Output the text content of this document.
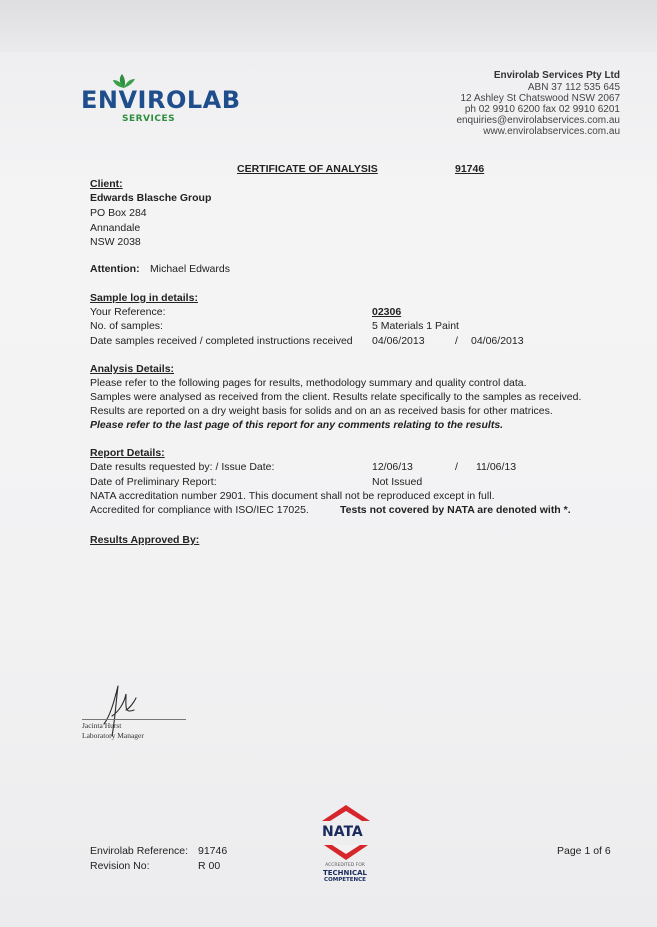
ENVIROLAB
SERVICES
Envirolab Services Pty Ltd
ABN 37 112 535 645
12 Ashley St Chatswood NSW 2067
ph 02 9910 6200 fax 02 9910 6201
enquiries@envirolabservices.com.au
www.envirolabservices.com.au
CERTIFICATE OF ANALYSIS	91746
Client:
Edwards Blasche Group
PO Box 284
Annandale
NSW 2038
Attention: Michael Edwards
Sample log in details:
Your Reference:	02306
No. of samples:	5 Materials 1 Paint
Date samples received / completed instructions received 04/06/2013	/ 04/06/2013
Analysis Details:
Please refer to the following pages for results, methodology summary and quality control data.
Samples were analysed as received from the client. Results relate specifically to the samples as received.
Results are reported on a dry weight basis for solids and on an as received basis for other matrices.
Please refer to the last page of this report for any comments relating to the results.
Report Details:
Date results requested by: / Issue Date:	12/06/13	/ 11/06/13
Date of Preliminary Report:	Not Issued
NATA accreditation number 2901. This document shall not be reproduced except in full.
Accredited for compliance with ISO/IEC 17025.	Tests not covered by NATA are denoted with *.
Results Approved By:
Jacinta Hurst
Laboratory Manager
NATA
ACCREDITED FOR
TECHNICAL
COMPETENCE
Envirolab Reference: 91746
Revision No:	R 00
Page 1 of 6
